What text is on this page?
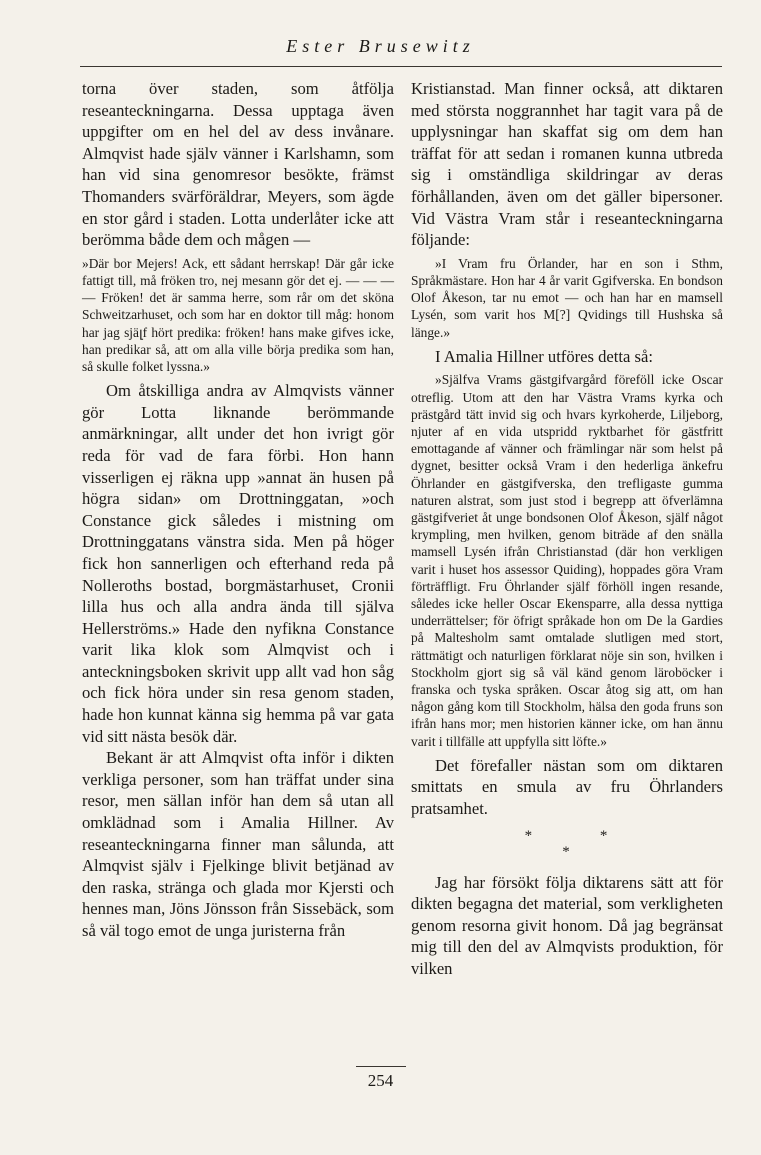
Ester Brusewitz

torna över staden, som åtfölja reseanteckningarna. Dessa upptaga även uppgifter om en hel del av dess invånare. Almqvist hade själv vänner i Karlshamn, som han vid sina genomresor besökte, främst Thomanders svärföräldrar, Meyers, som ägde en stor gård i staden. Lotta underlåter icke att berömma både dem och mågen —

»Där bor Mejers! Ack, ett sådant herrskap! Där går icke fattigt till, må fröken tro, nej mesann gör det ej. — — — — Fröken! det är samma herre, som rår om det sköna Schweitzarhuset, och som har en doktor till måg: honom har jag sjäլf hört predika: fröken! hans make gifves icke, han predikar så, att om alla ville börja predika som han, så skulle folket lyssna.»

Om åtskilliga andra av Almqvists vänner gör Lotta liknande berömmande anmärkningar, allt under det hon ivrigt gör reda för vad de fara förbi. Hon hann visserligen ej räkna upp »annat än husen på högra sidan» om Drottninggatan, »och Constance gick således i mistning om Drottninggatans vänstra sida. Men på höger fick hon sannerligen och efterhand reda på Nolleroths bostad, borgmästarhuset, Cronii lilla hus och alla andra ända till själva Hellerströms.» Hade den nyfikna Constance varit lika klok som Almqvist och i anteckningsboken skrivit upp allt vad hon såg och fick höra under sin resa genom staden, hade hon kunnat känna sig hemma på var gata vid sitt nästa besök där.

Bekant är att Almqvist ofta inför i dikten verkliga personer, som han träffat under sina resor, men sällan inför han dem så utan all omklädnad som i Amalia Hillner. Av reseanteckningarna finner man sålunda, att Almqvist själv i Fjelkinge blivit betjänad av den raska, stränga och glada mor Kjersti och hennes man, Jöns Jönsson från Sissebäck, som så väl togo emot de unga juristerna från

Kristianstad. Man finner också, att diktaren med största noggrannhet har tagit vara på de upplysningar han skaffat sig om dem han träffat för att sedan i romanen kunna utbreda sig i omständliga skildringar av deras förhållanden, även om det gäller bipersoner. Vid Västra Vram står i reseanteckningarna följande:

»I Vram fru Örlander, har en son i Sthm, Språkmästare. Hon har 4 år varit Ggifverska. En bondson Olof Åkeson, tar nu emot — och han har en mamsell Lysén, som varit hos M[?] Qvidings till Hushska så länge.»

I Amalia Hillner utföres detta så:

»Själfva Vrams gästgifvargård föreföll icke Oscar otreflig. Utom att den har Västra Vrams kyrka och prästgård tätt invid sig och hvars kyrkoherde, Liljeborg, njuter af en vida utspridd ryktbarhet för gästfritt emottagande af vänner och främlingar när som helst på dygnet, besitter också Vram i den hederliga änkefru Öhrlander en gästgifverska, den trefligaste gumma naturen alstrat, som just stod i begrepp att öfverlämna gästgifveriet åt unge bondsonen Olof Åkeson, själf något krympling, men hvilken, genom biträde af den snälla mamsell Lysén ifrån Christianstad (där hon verkligen varit i huset hos assessor Quiding), hoppades göra Vram förträffligt. Fru Öhrlander själf förhöll ingen resande, således icke heller Oscar Ekensparre, alla dessa nyttiga underrättelser; för öfrigt språkade hon om De la Gardies på Maltesholm samt omtalade slutligen med stort, rättmätigt och naturligen förklarat nöje sin son, hvilken i Stockholm gjort sig så väl känd genom läroböcker i franska och tyska språken. Oscar åtog sig att, om han någon gång kom till Stockholm, hälsa den goda fruns son ifrån hans mor; men historien känner icke, om han ännu varit i tillfälle att uppfylla sitt löfte.»

Det förefaller nästan som om diktaren smittats en smula av fru Öhrlanders pratsamhet.

* *
*

Jag har försökt följa diktarens sätt att för dikten begagna det material, som verkligheten genom resorna givit honom. Då jag begränsat mig till den del av Almqvists produktion, för vilken

254
